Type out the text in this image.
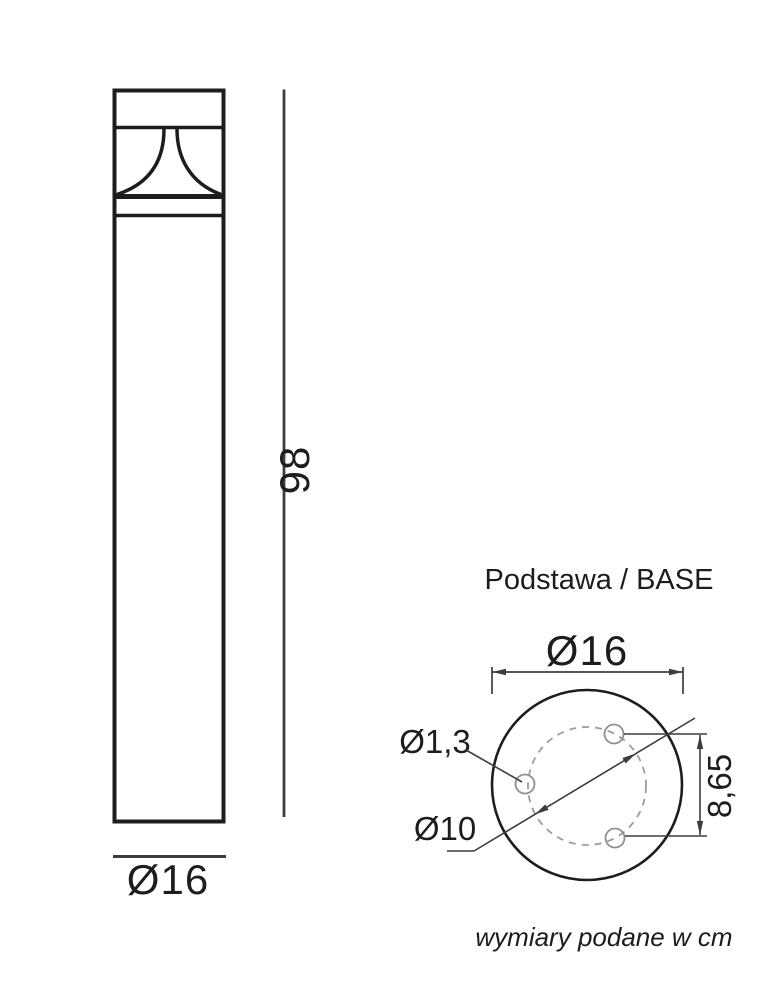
98
Ø16
Podstawa / BASE
Ø16
Ø1,3
Ø10
8,65
wymiary podane w cm
